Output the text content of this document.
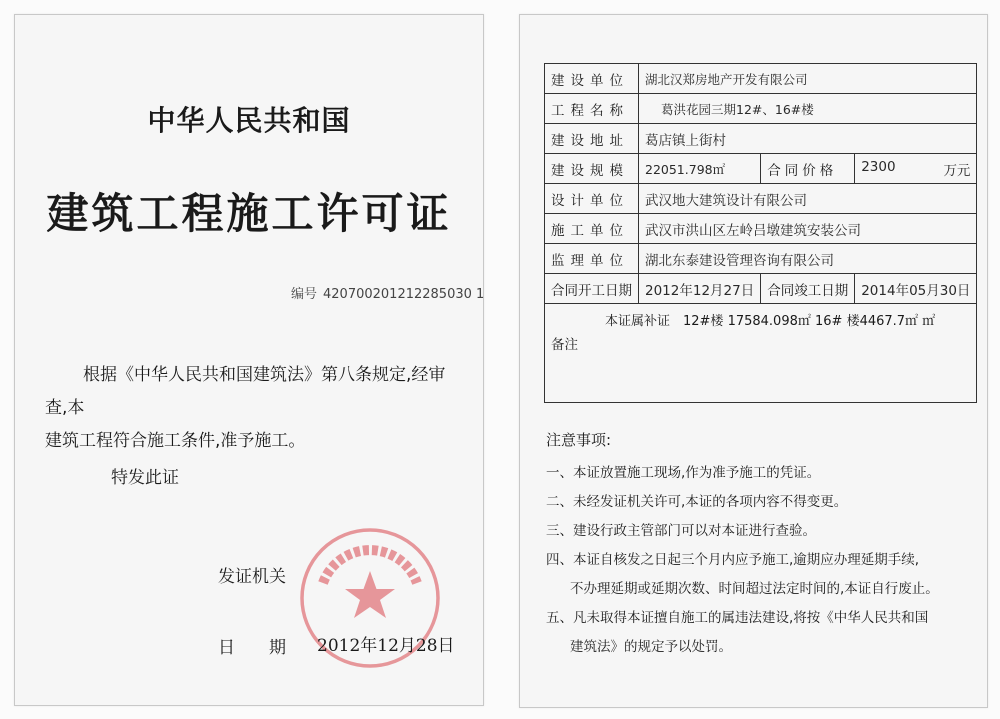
中华人民共和国
建筑工程施工许可证
编号 420700201212285030 1

根据《中华人民共和国建筑法》第八条规定,经审查,本

建筑工程符合施工条件,准予施工。

特发此证
发证机关
日　　期 2012年12月28日
建设单位	湖北汉郑房地产开发有限公司		
工程名称	葛洪花园三期12#、16#楼		
建设地址	葛店镇上街村		
建设规模	22051.798㎡	合同价格	2300 万元

设计单位	武汉地大建筑设计有限公司		
施工单位	武汉市洪山区左岭吕墩建筑安装公司		
监理单位	湖北东泰建设管理咨询有限公司		
合同开工日期	2012年12月27日	合同竣工日期	2014年05月30日

本证属补证　12#楼 17584.098㎡ 16# 楼4467.7㎡ ㎡
备注			
注意事项:
一、本证放置施工现场,作为准予施工的凭证。
二、未经发证机关许可,本证的各项内容不得变更。
三、建设行政主管部门可以对本证进行查验。
四、本证自核发之日起三个月内应予施工,逾期应办理延期手续,
不办理延期或延期次数、时间超过法定时间的,本证自行废止。
五、凡未取得本证擅自施工的属违法建设,将按《中华人民共和国
建筑法》的规定予以处罚。
